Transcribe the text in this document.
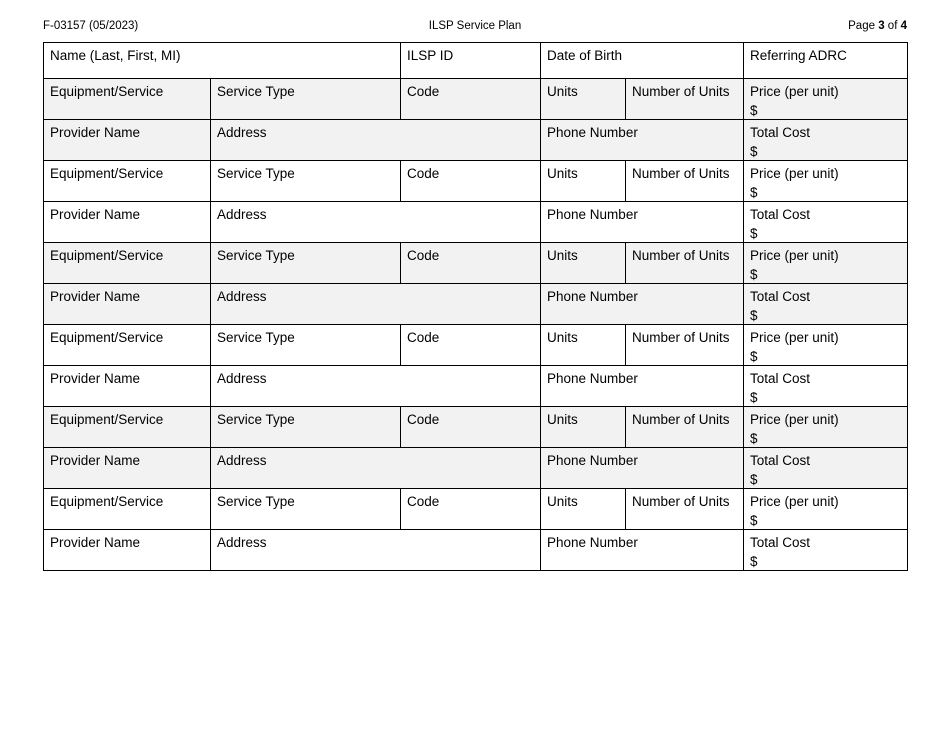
F-03157 (05/2023)	ILSP Service Plan	Page 3 of 4
Name (Last, First, MI)		ILSP ID	Date of Birth		Referring ADRC
Equipment/Service	Service Type	Code	Units	Number of Units	Price (per unit)
$

Provider Name	Address		Phone Number		Total Cost
$

Equipment/Service	Service Type	Code	Units	Number of Units	Price (per unit)
$

Provider Name	Address		Phone Number		Total Cost
$

Equipment/Service	Service Type	Code	Units	Number of Units	Price (per unit)
$

Provider Name	Address		Phone Number		Total Cost
$

Equipment/Service	Service Type	Code	Units	Number of Units	Price (per unit)
$

Provider Name	Address		Phone Number		Total Cost
$

Equipment/Service	Service Type	Code	Units	Number of Units	Price (per unit)
$

Provider Name	Address		Phone Number		Total Cost
$

Equipment/Service	Service Type	Code	Units	Number of Units	Price (per unit)
$

Provider Name	Address		Phone Number		Total Cost
$
